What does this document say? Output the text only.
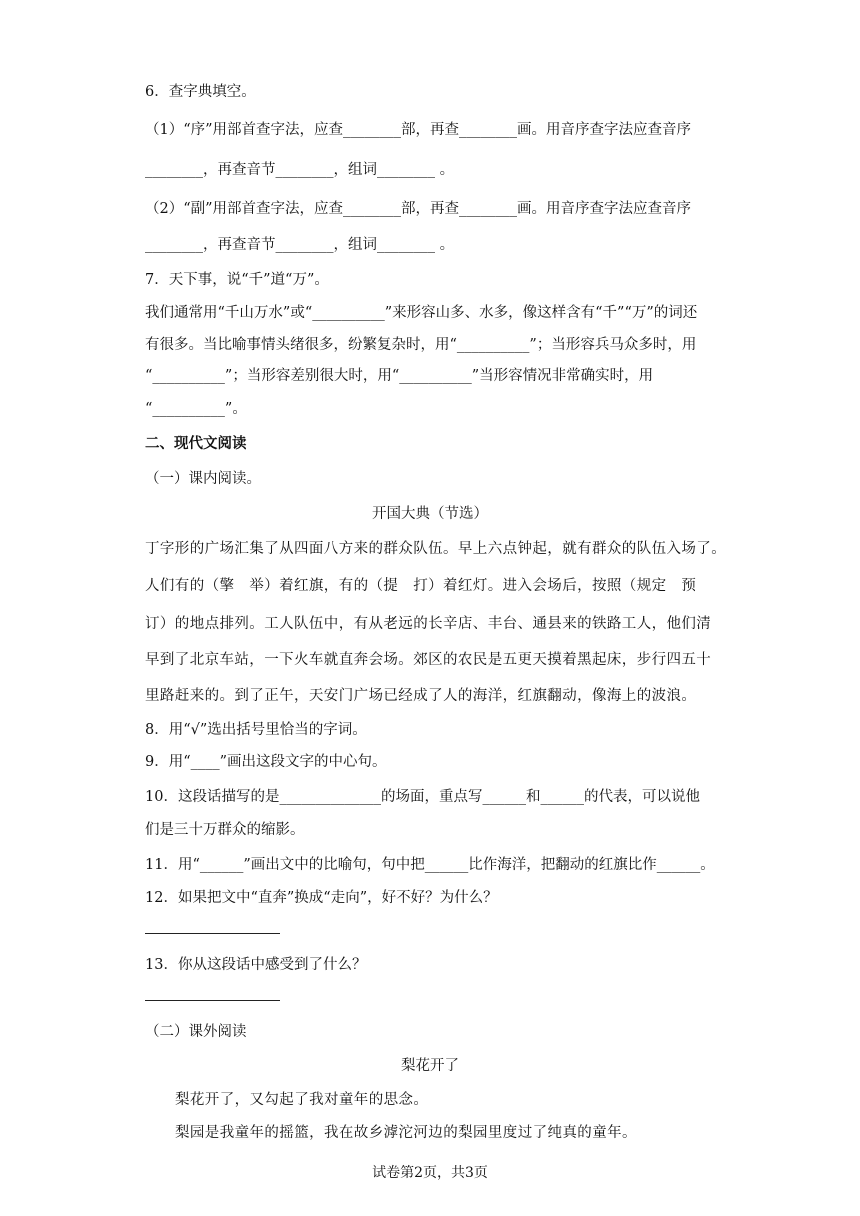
6．查字典填空。
（1）“序”用部首查字法，应查________部，再查________画。用音序查字法应查音序
________，再查音节________，组词________ 。
（2）“副”用部首查字法，应查________部，再查________画。用音序查字法应查音序
________，再查音节________，组词________ 。
7．天下事，说“千”道“万”。
我们通常用“千山万水”或“__________”来形容山多、水多，像这样含有“千”“万”的词还
有很多。当比喻事情头绪很多，纷繁复杂时，用“__________”；当形容兵马众多时，用
“__________”；当形容差别很大时，用“__________”当形容情况非常确实时，用
“__________”。
二、现代文阅读
（一）课内阅读。
开国大典（节选）
丁字形的广场汇集了从四面八方来的群众队伍。早上六点钟起，就有群众的队伍入场了。
人们有的（擎　举）着红旗，有的（提　打）着红灯。进入会场后，按照（规定　预
订）的地点排列。工人队伍中，有从老远的长辛店、丰台、通县来的铁路工人，他们清
早到了北京车站，一下火车就直奔会场。郊区的农民是五更天摸着黑起床，步行四五十
里路赶来的。到了正午，天安门广场已经成了人的海洋，红旗翻动，像海上的波浪。
8．用“√”选出括号里恰当的字词。
9．用“____”画出这段文字的中心句。
10．这段话描写的是______________的场面，重点写______和______的代表，可以说他
们是三十万群众的缩影。
11．用“______”画出文中的比喻句，句中把______比作海洋，把翻动的红旗比作______。
12．如果把文中“直奔”换成“走向”，好不好？为什么？
13．你从这段话中感受到了什么？
（二）课外阅读
梨花开了
梨花开了，又勾起了我对童年的思念。
梨园是我童年的摇篮，我在故乡滹沱河边的梨园里度过了纯真的童年。
试卷第2页，共3页
